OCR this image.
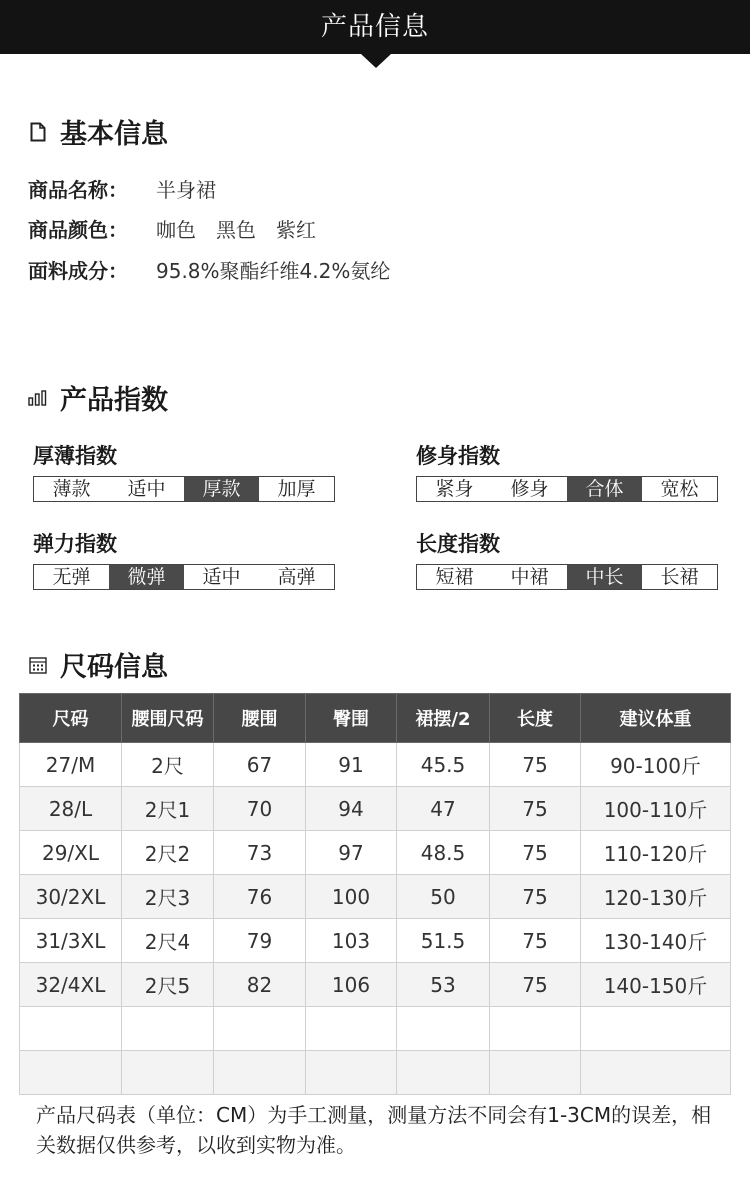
产品信息
基本信息
商品名称：	半身裙
商品颜色：	咖色　黑色　紫红
面料成分：	95.8%聚酯纤维4.2%氨纶
产品指数
厚薄指数
薄款	适中	厚款	加厚
修身指数
紧身	修身	合体	宽松
弹力指数
无弹	微弹	适中	高弹
长度指数
短裙	中裙	中长	长裙
尺码信息
尺码	腰围尺码	腰围	臀围	裙摆/2	长度	建议体重
27/M	2尺	67	91	45.5	75	90-100斤
28/L	2尺1	70	94	47	75	100-110斤
29/XL	2尺2	73	97	48.5	75	110-120斤
30/2XL	2尺3	76	100	50	75	120-130斤
31/3XL	2尺4	79	103	51.5	75	130-140斤
32/4XL	2尺5	82	106	53	75	140-150斤

产品尺码表（单位：CM）为手工测量，测量方法不同会有1-3CM的误差，相关数据仅供参考，以收到实物为准。
